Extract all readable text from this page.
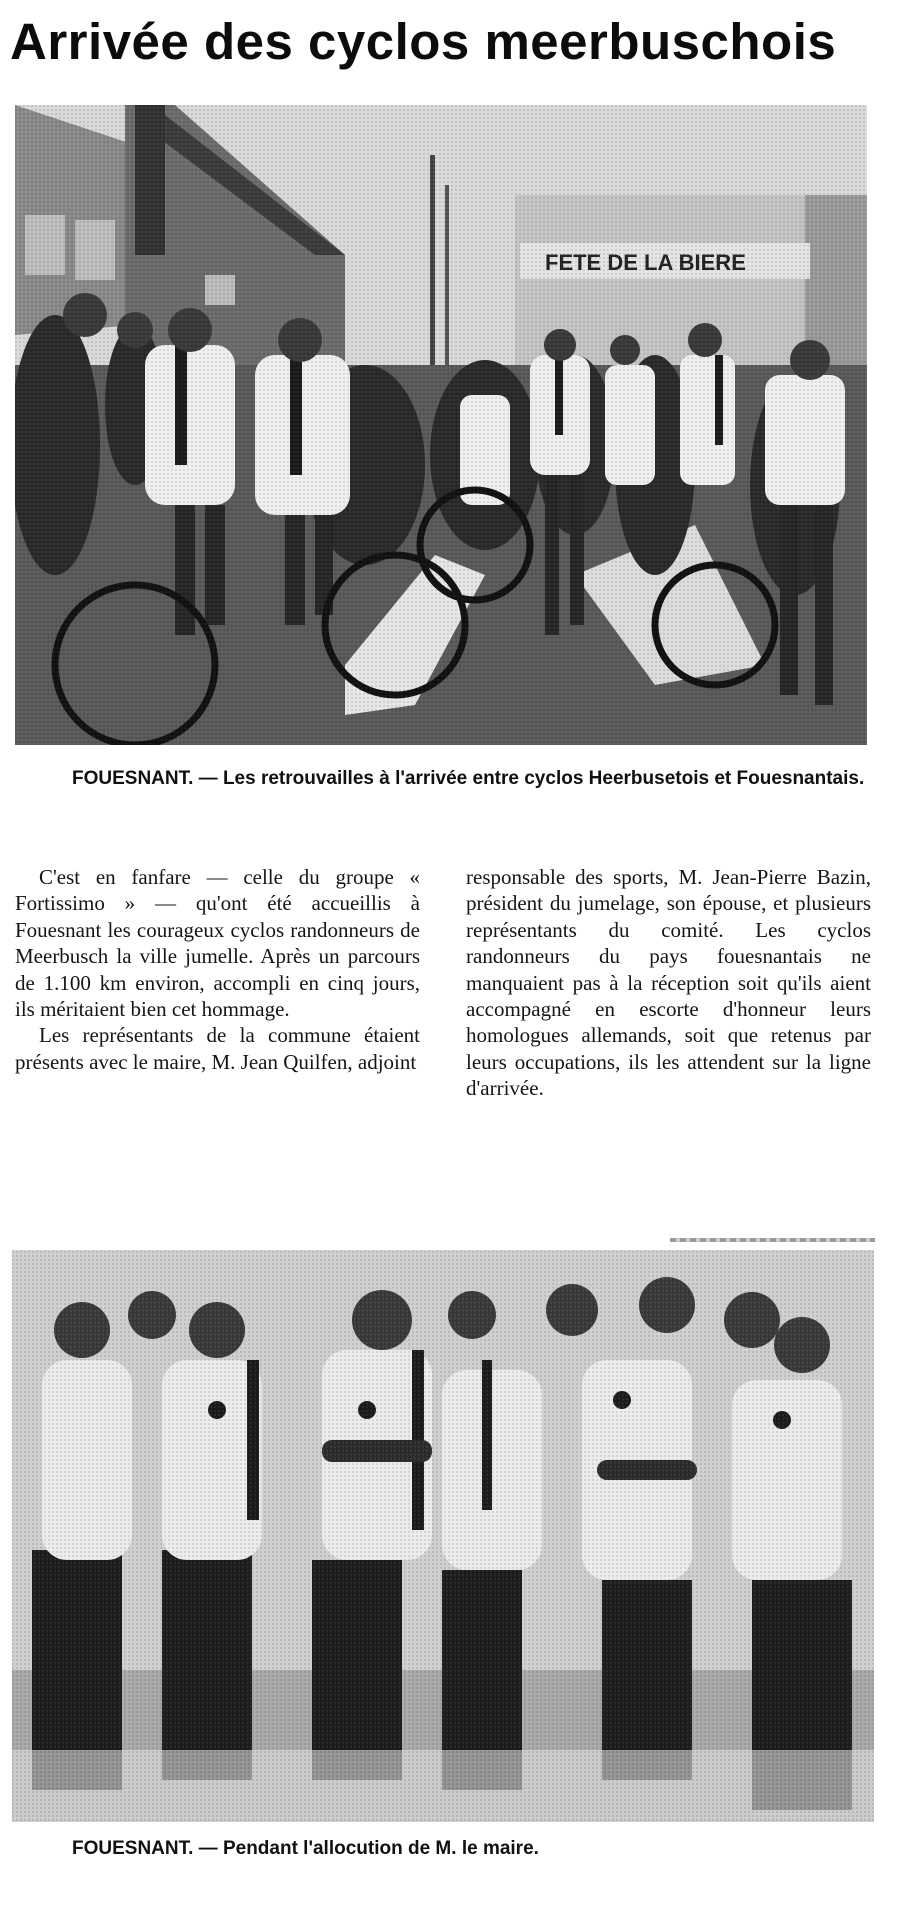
Arrivée des cyclos meerbuschois
FOUESNANT. — Les retrouvailles à l'arrivée entre cyclos Heerbusetois et Fouesnantais.

C'est en fanfare — celle du groupe « Fortissimo » — qu'ont été accueillis à Fouesnant les courageux cyclos randonneurs de Meerbusch la ville jumelle. Après un parcours de 1.100 km environ, accompli en cinq jours, ils méritaient bien cet hommage.

Les représentants de la commune étaient présents avec le maire, M. Jean Quilfen, adjoint

responsable des sports, M. Jean-Pierre Bazin, président du jumelage, son épouse, et plusieurs représentants du comité. Les cyclos randonneurs du pays fouesnantais ne manquaient pas à la réception soit qu'ils aient accompagné en escorte d'honneur leurs homologues allemands, soit que retenus par leurs occupations, ils les attendent sur la ligne d'arrivée.

FOUESNANT. — Pendant l'allocution de M. le maire.
